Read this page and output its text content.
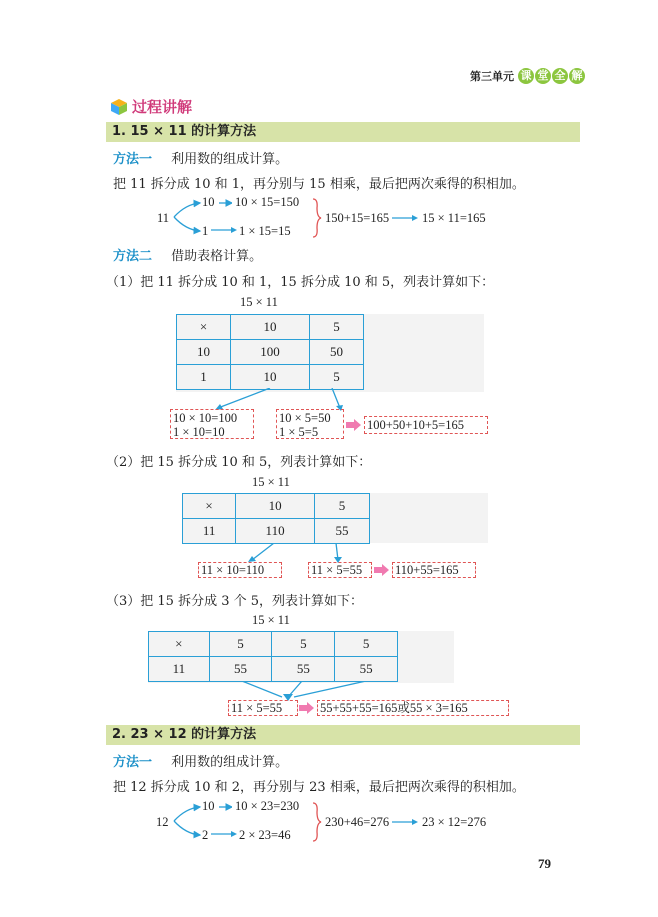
第三单元 课 堂 全 解
过程讲解
1. 15 × 11 的计算方法
方法一 利用数的组成计算。
把 11 拆分成 10 和 1，再分别与 15 相乘，最后把两次乘得的积相加。
11
10 10 × 15=150
1 1 × 15=15
150+15=165	15 × 11=165
方法二 借助表格计算。
（1）把 11 拆分成 10 和 1，15 拆分成 10 和 5，列表计算如下：
15 × 11
×	10	5
10	100	50
1	10	5
10 × 10=100
1 × 10=10
10 × 5=50
1 × 5=5	100+50+10+5=165
（2）把 15 拆分成 10 和 5，列表计算如下：
15 × 11
×	10	5
11	110	55
11 × 10=110	11 × 5=55	110+55=165
（3）把 15 拆分成 3 个 5，列表计算如下：
15 × 11
×	5	5	5
11	55	55	55
11 × 5=55	55+55+55=165或55 × 3=165
2. 23 × 12 的计算方法
方法一 利用数的组成计算。
把 12 拆分成 10 和 2，再分别与 23 相乘，最后把两次乘得的积相加。
12
10 10 × 23=230
2 2 × 23=46
230+46=276	23 × 12=276
79
